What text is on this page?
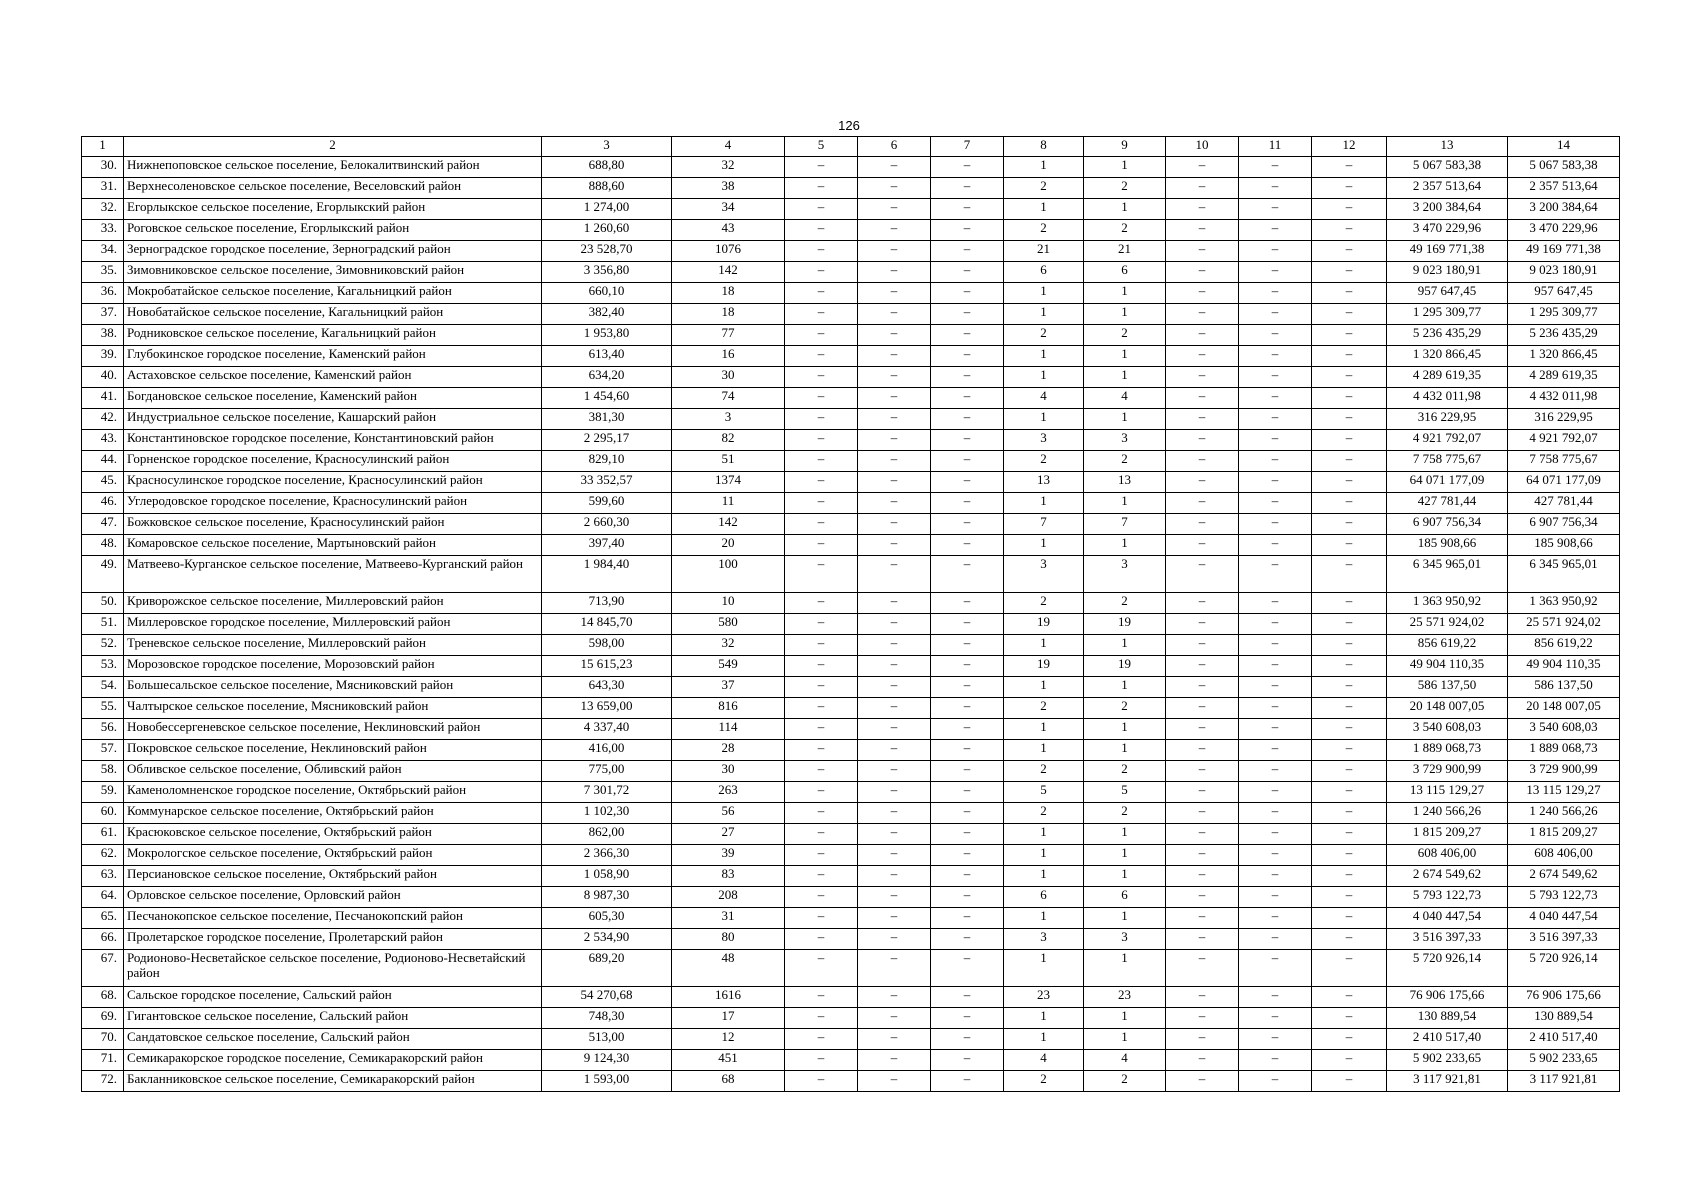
126
1	2	3	4	5	6	7	8	9	10	11	12	13	14
30.	Нижнепоповское сельское поселение, Белокалитвинский район	688,80	32	–	–	–	1	1	–	–	–	5 067 583,38	5 067 583,38
31.	Верхнесоленовское сельское поселение, Веселовский район	888,60	38	–	–	–	2	2	–	–	–	2 357 513,64	2 357 513,64
32.	Егорлыкское сельское поселение, Егорлыкский район	1 274,00	34	–	–	–	1	1	–	–	–	3 200 384,64	3 200 384,64
33.	Роговское сельское поселение, Егорлыкский район	1 260,60	43	–	–	–	2	2	–	–	–	3 470 229,96	3 470 229,96
34.	Зерноградское городское поселение, Зерноградский район	23 528,70	1076	–	–	–	21	21	–	–	–	49 169 771,38	49 169 771,38
35.	Зимовниковское сельское поселение, Зимовниковский район	3 356,80	142	–	–	–	6	6	–	–	–	9 023 180,91	9 023 180,91
36.	Мокробатайское сельское поселение, Кагальницкий район	660,10	18	–	–	–	1	1	–	–	–	957 647,45	957 647,45
37.	Новобатайское сельское поселение, Кагальницкий район	382,40	18	–	–	–	1	1	–	–	–	1 295 309,77	1 295 309,77
38.	Родниковское сельское поселение, Кагальницкий район	1 953,80	77	–	–	–	2	2	–	–	–	5 236 435,29	5 236 435,29
39.	Глубокинское городское поселение, Каменский район	613,40	16	–	–	–	1	1	–	–	–	1 320 866,45	1 320 866,45
40.	Астаховское сельское поселение, Каменский район	634,20	30	–	–	–	1	1	–	–	–	4 289 619,35	4 289 619,35
41.	Богдановское сельское поселение, Каменский район	1 454,60	74	–	–	–	4	4	–	–	–	4 432 011,98	4 432 011,98
42.	Индустриальное сельское поселение, Кашарский район	381,30	3	–	–	–	1	1	–	–	–	316 229,95	316 229,95
43.	Константиновское городское поселение, Константиновский район	2 295,17	82	–	–	–	3	3	–	–	–	4 921 792,07	4 921 792,07
44.	Горненское городское поселение, Красносулинский район	829,10	51	–	–	–	2	2	–	–	–	7 758 775,67	7 758 775,67
45.	Красносулинское городское поселение, Красносулинский район	33 352,57	1374	–	–	–	13	13	–	–	–	64 071 177,09	64 071 177,09
46.	Углеродовское городское поселение, Красносулинский район	599,60	11	–	–	–	1	1	–	–	–	427 781,44	427 781,44
47.	Божковское сельское поселение, Красносулинский район	2 660,30	142	–	–	–	7	7	–	–	–	6 907 756,34	6 907 756,34
48.	Комаровское сельское поселение, Мартыновский район	397,40	20	–	–	–	1	1	–	–	–	185 908,66	185 908,66
49.	Матвеево-Курганское сельское поселение, Матвеево-Курганский район	1 984,40	100	–	–	–	3	3	–	–	–	6 345 965,01	6 345 965,01
50.	Криворожское сельское поселение, Миллеровский район	713,90	10	–	–	–	2	2	–	–	–	1 363 950,92	1 363 950,92
51.	Миллеровское городское поселение, Миллеровский район	14 845,70	580	–	–	–	19	19	–	–	–	25 571 924,02	25 571 924,02
52.	Треневское сельское поселение, Миллеровский район	598,00	32	–	–	–	1	1	–	–	–	856 619,22	856 619,22
53.	Морозовское городское поселение, Морозовский район	15 615,23	549	–	–	–	19	19	–	–	–	49 904 110,35	49 904 110,35
54.	Большесальское сельское поселение, Мясниковский район	643,30	37	–	–	–	1	1	–	–	–	586 137,50	586 137,50
55.	Чалтырское сельское поселение, Мясниковский район	13 659,00	816	–	–	–	2	2	–	–	–	20 148 007,05	20 148 007,05
56.	Новобессергеневское сельское поселение, Неклиновский район	4 337,40	114	–	–	–	1	1	–	–	–	3 540 608,03	3 540 608,03
57.	Покровское сельское поселение, Неклиновский район	416,00	28	–	–	–	1	1	–	–	–	1 889 068,73	1 889 068,73
58.	Обливское сельское поселение, Обливский район	775,00	30	–	–	–	2	2	–	–	–	3 729 900,99	3 729 900,99
59.	Каменоломненское городское поселение, Октябрьский район	7 301,72	263	–	–	–	5	5	–	–	–	13 115 129,27	13 115 129,27
60.	Коммунарское сельское поселение, Октябрьский район	1 102,30	56	–	–	–	2	2	–	–	–	1 240 566,26	1 240 566,26
61.	Красюковское сельское поселение, Октябрьский район	862,00	27	–	–	–	1	1	–	–	–	1 815 209,27	1 815 209,27
62.	Мокрологское сельское поселение, Октябрьский район	2 366,30	39	–	–	–	1	1	–	–	–	608 406,00	608 406,00
63.	Персиановское сельское поселение, Октябрьский район	1 058,90	83	–	–	–	1	1	–	–	–	2 674 549,62	2 674 549,62
64.	Орловское сельское поселение, Орловский район	8 987,30	208	–	–	–	6	6	–	–	–	5 793 122,73	5 793 122,73
65.	Песчанокопское сельское поселение, Песчанокопский район	605,30	31	–	–	–	1	1	–	–	–	4 040 447,54	4 040 447,54
66.	Пролетарское городское поселение, Пролетарский район	2 534,90	80	–	–	–	3	3	–	–	–	3 516 397,33	3 516 397,33
67.	Родионово-Несветайское сельское поселение, Родионово-Несветайский район	689,20	48	–	–	–	1	1	–	–	–	5 720 926,14	5 720 926,14
68.	Сальское городское поселение, Сальский район	54 270,68	1616	–	–	–	23	23	–	–	–	76 906 175,66	76 906 175,66
69.	Гигантовское сельское поселение, Сальский район	748,30	17	–	–	–	1	1	–	–	–	130 889,54	130 889,54
70.	Сандатовское сельское поселение, Сальский район	513,00	12	–	–	–	1	1	–	–	–	2 410 517,40	2 410 517,40
71.	Семикаракорское городское поселение, Семикаракорский район	9 124,30	451	–	–	–	4	4	–	–	–	5 902 233,65	5 902 233,65
72.	Бакланниковское сельское поселение, Семикаракорский район	1 593,00	68	–	–	–	2	2	–	–	–	3 117 921,81	3 117 921,81
